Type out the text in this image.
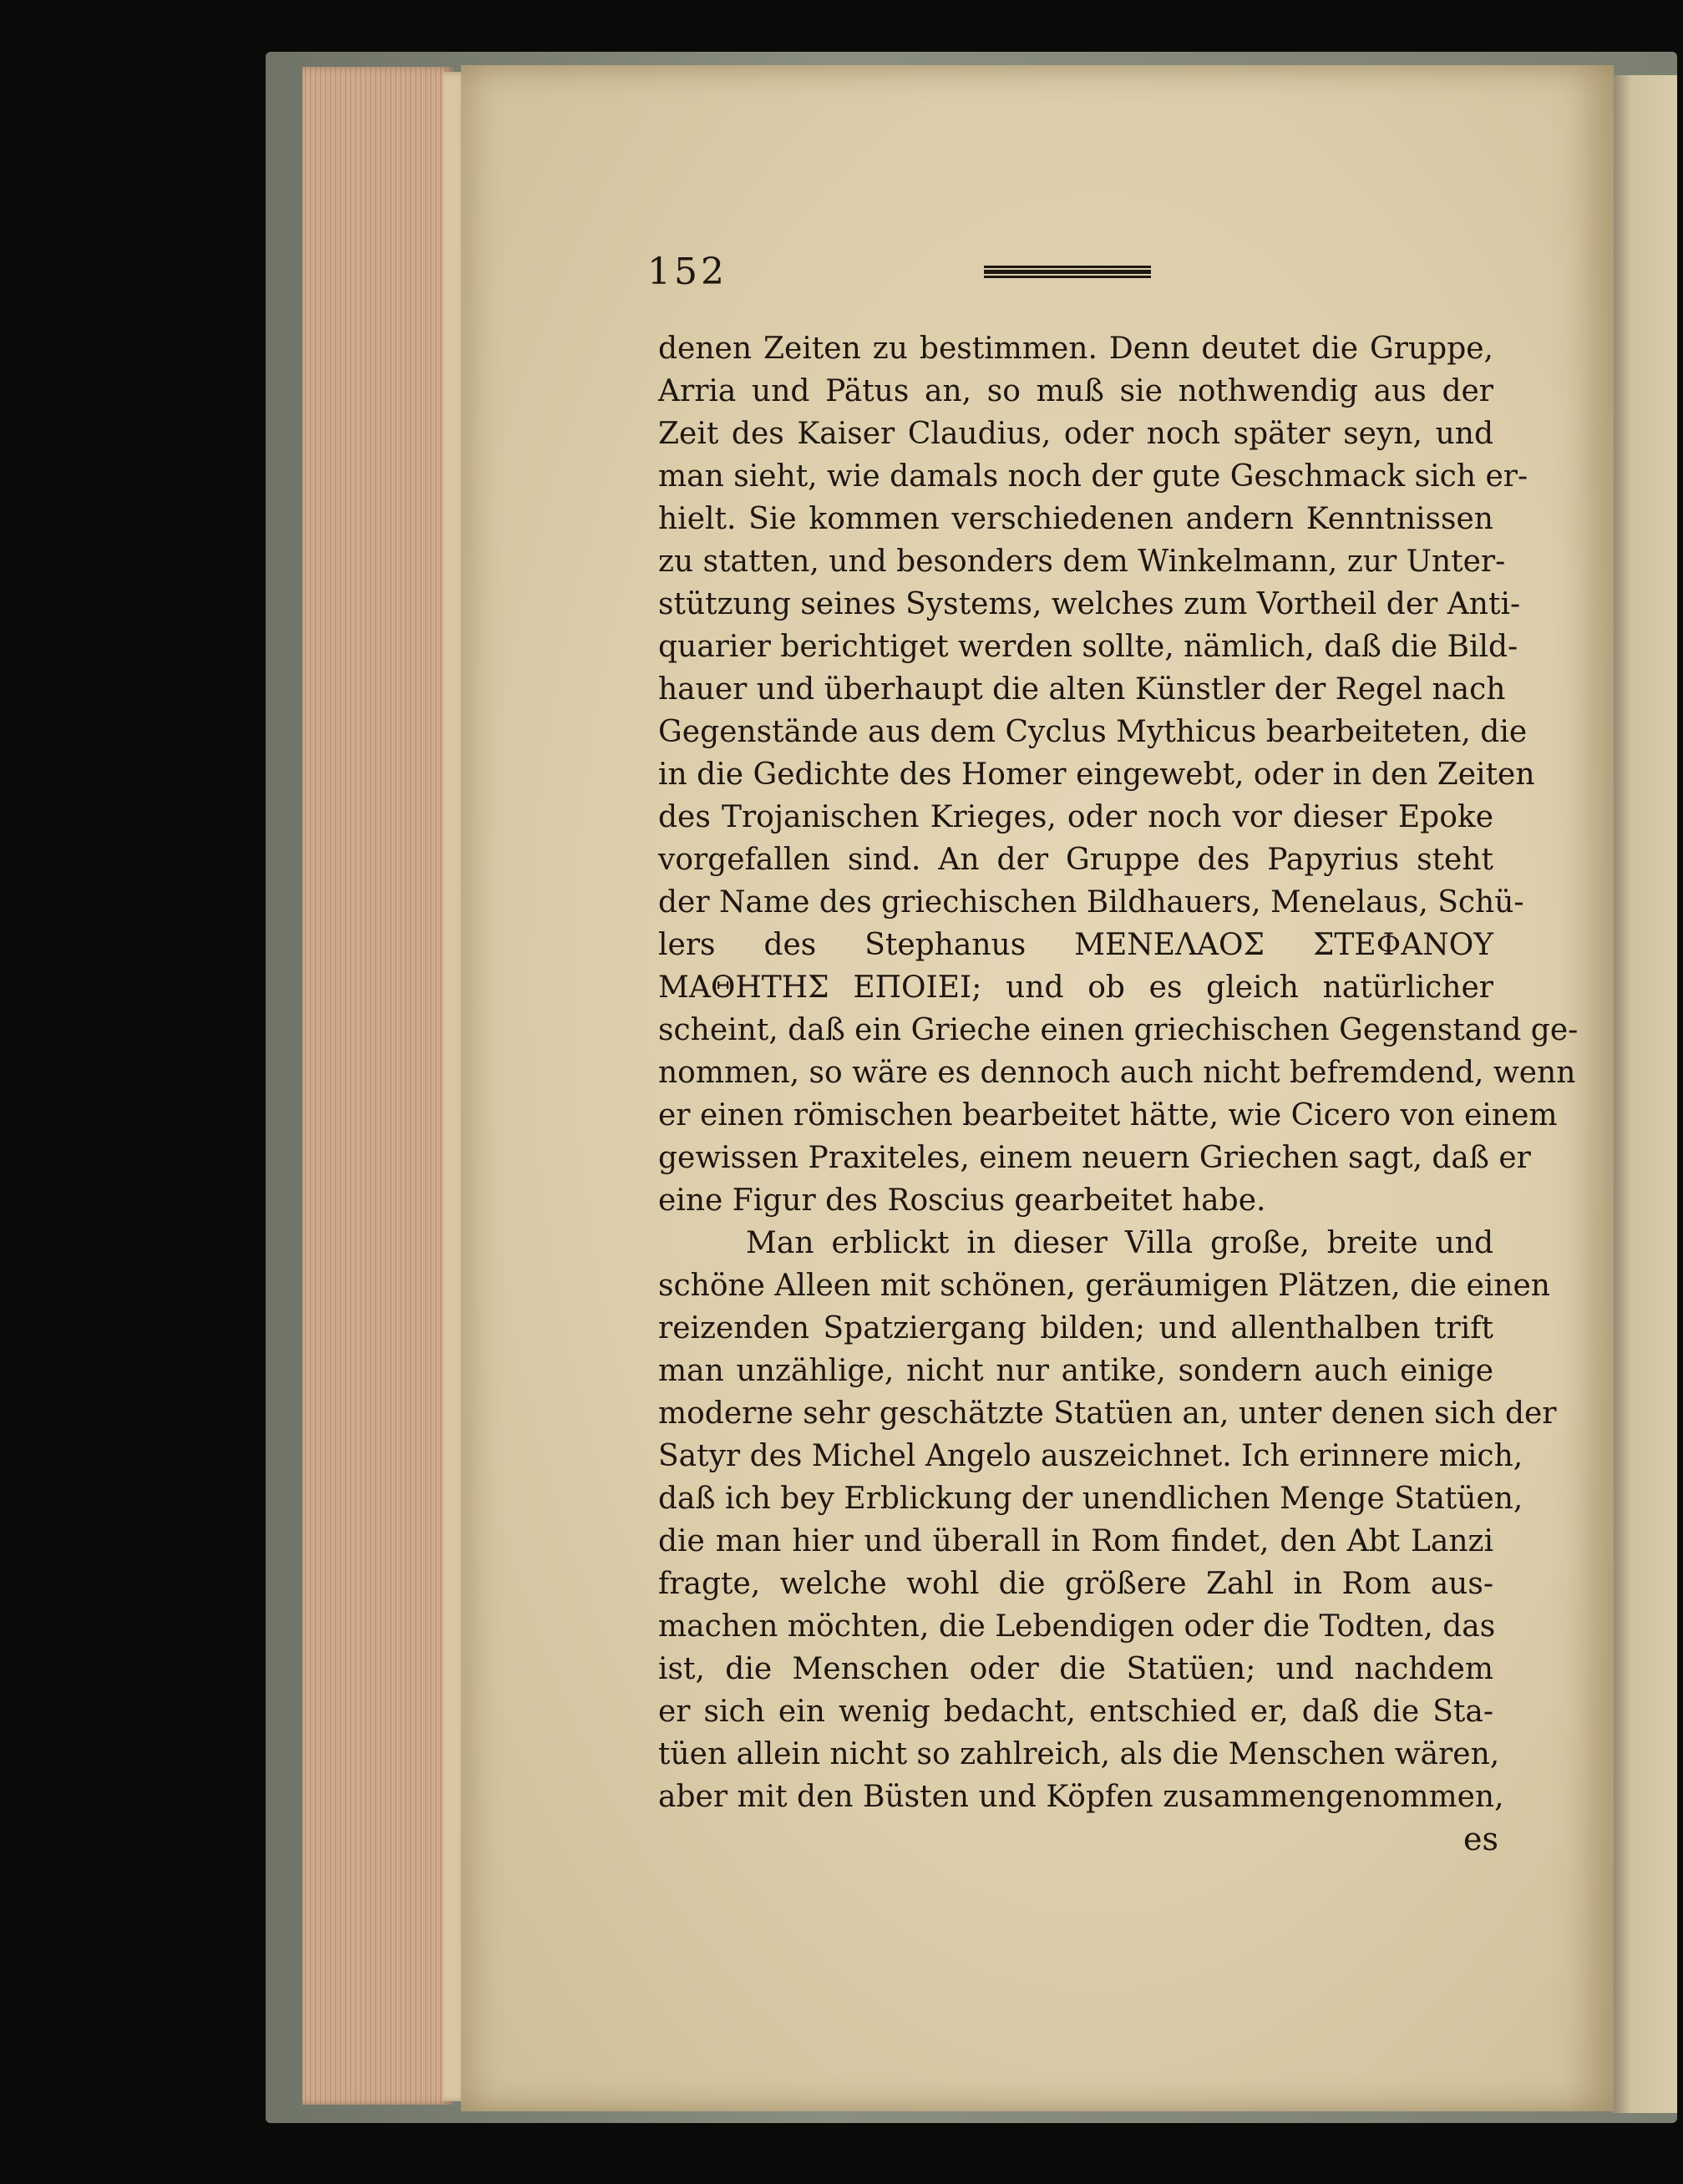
152
denen Zeiten zu bestimmen. Denn deutet die Gruppe,
Arria und Pätus an, so muß sie nothwendig aus der
Zeit des Kaiser Claudius, oder noch später seyn, und
man sieht, wie damals noch der gute Geschmack sich er-
hielt. Sie kommen verschiedenen andern Kenntnissen
zu statten, und besonders dem Winkelmann, zur Unter-
stützung seines Systems, welches zum Vortheil der Anti-
quarier berichtiget werden sollte, nämlich, daß die Bild-
hauer und überhaupt die alten Künstler der Regel nach
Gegenstände aus dem Cyclus Mythicus bearbeiteten, die
in die Gedichte des Homer eingewebt, oder in den Zeiten
des Trojanischen Krieges, oder noch vor dieser Epoke
vorgefallen sind. An der Gruppe des Papyrius steht
der Name des griechischen Bildhauers, Menelaus, Schü-
lers des Stephanus ΜΕΝΕΛΑΟΣ ΣΤΕΦΑΝΟΥ
ΜΑΘΗΤΗΣ ΕΠΟΙΕΙ; und ob es gleich natürlicher
scheint, daß ein Grieche einen griechischen Gegenstand ge-
nommen, so wäre es dennoch auch nicht befremdend, wenn
er einen römischen bearbeitet hätte, wie Cicero von einem
gewissen Praxiteles, einem neuern Griechen sagt, daß er
eine Figur des Roscius gearbeitet habe.
Man erblickt in dieser Villa große, breite und
schöne Alleen mit schönen, geräumigen Plätzen, die einen
reizenden Spatziergang bilden; und allenthalben trift
man unzählige, nicht nur antike, sondern auch einige
moderne sehr geschätzte Statüen an, unter denen sich der
Satyr des Michel Angelo auszeichnet. Ich erinnere mich,
daß ich bey Erblickung der unendlichen Menge Statüen,
die man hier und überall in Rom findet, den Abt Lanzi
fragte, welche wohl die größere Zahl in Rom aus-
machen möchten, die Lebendigen oder die Todten, das
ist, die Menschen oder die Statüen; und nachdem
er sich ein wenig bedacht, entschied er, daß die Sta-
tüen allein nicht so zahlreich, als die Menschen wären,
aber mit den Büsten und Köpfen zusammengenommen,
es
